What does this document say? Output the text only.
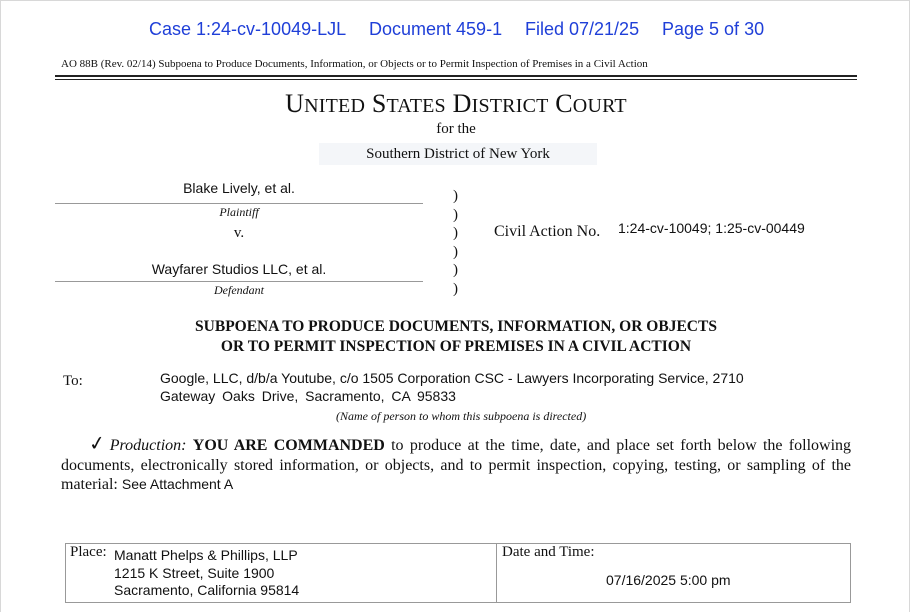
Case 1:24-cv-10049-LJL Document 459-1 Filed 07/21/25 Page 5 of 30
AO 88B (Rev. 02/14) Subpoena to Produce Documents, Information, or Objects or to Permit Inspection of Premises in a Civil Action
UNITED STATES DISTRICT COURT
for the
Southern District of New York
Blake Lively, et al.
Plaintiff
v.
Wayfarer Studios LLC, et al.
Defendant
)
)
)
)
)
)
Civil Action No. 1:24-cv-10049; 1:25-cv-00449
SUBPOENA TO PRODUCE DOCUMENTS, INFORMATION, OR OBJECTS
OR TO PERMIT INSPECTION OF PREMISES IN A CIVIL ACTION
To:	Google, LLC, d/b/a Youtube, c/o 1505 Corporation CSC - Lawyers Incorporating Service, 2710
Gateway Oaks Drive, Sacramento, CA 95833
(Name of person to whom this subpoena is directed)
✓ Production: YOU ARE COMMANDED to produce at the time, date, and place set forth below the following documents, electronically stored information, or objects, and to permit inspection, copying, testing, or sampling of the material: See Attachment A
Place: Manatt Phelps & Phillips, LLP
1215 K Street, Suite 1900
Sacramento, California 95814
Date and Time:
07/16/2025 5:00 pm
